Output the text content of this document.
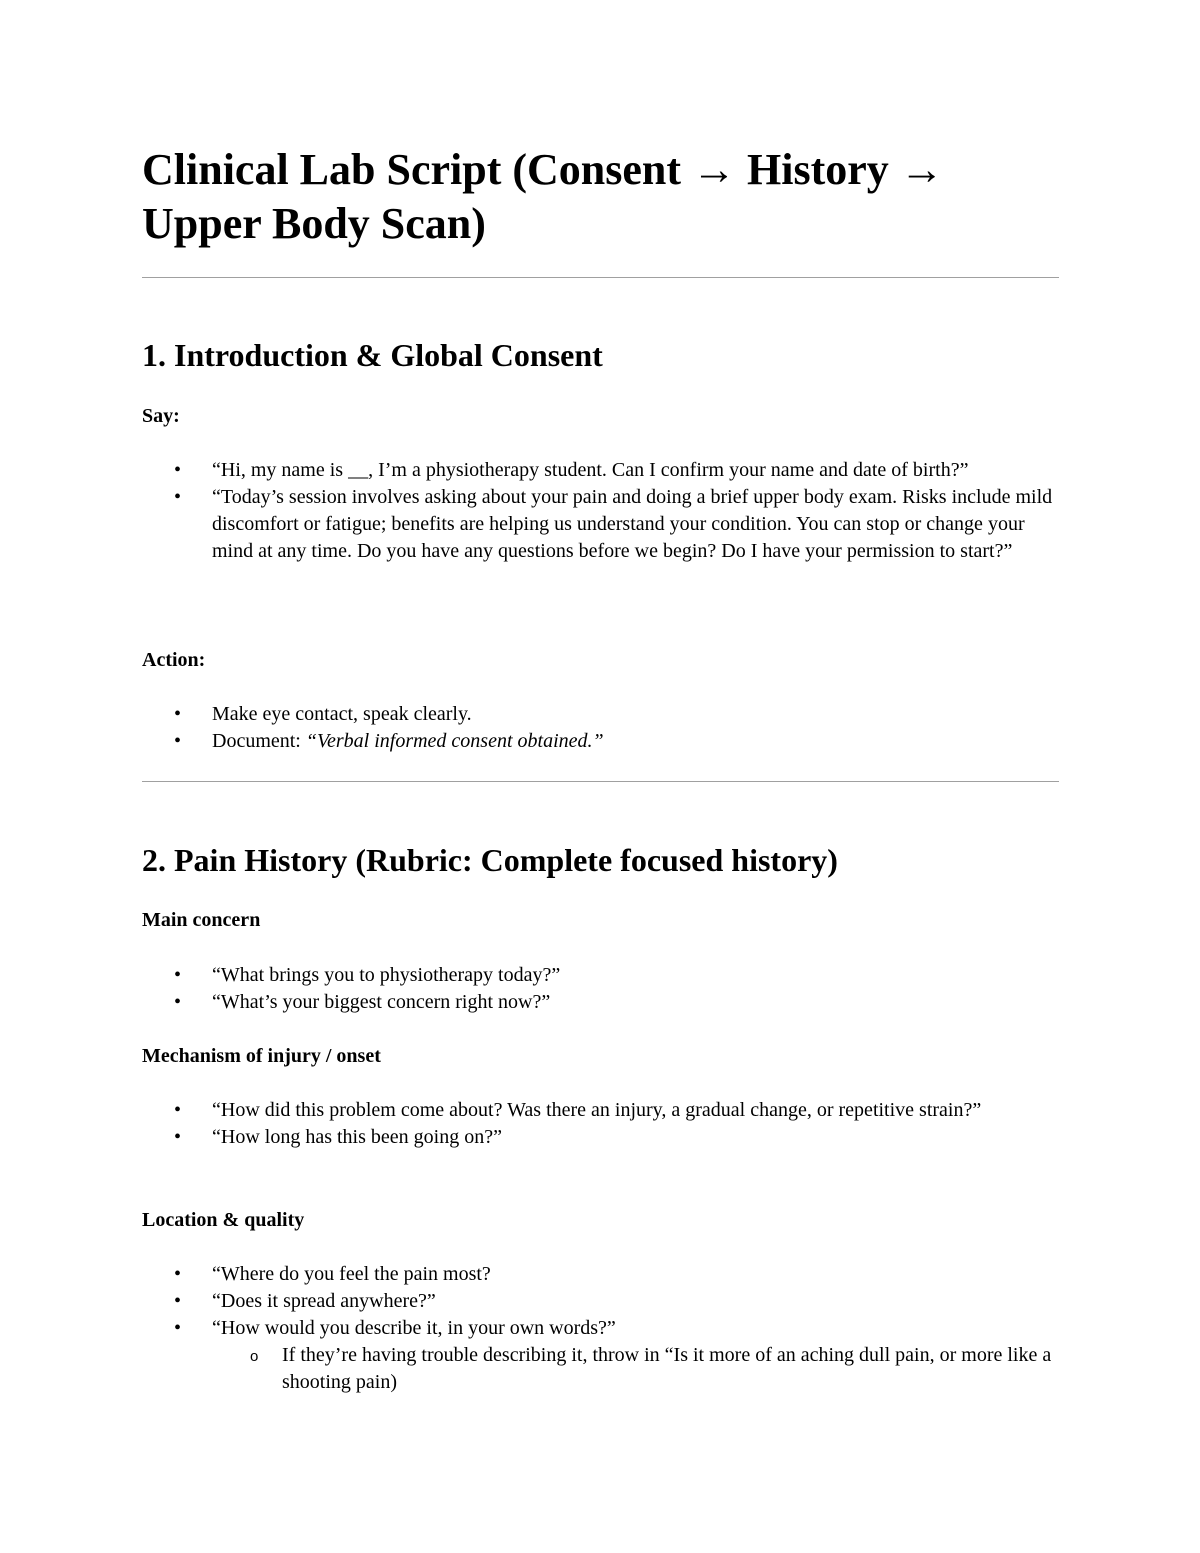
Clinical Lab Script (Consent → History → Upper Body Scan)
1. Introduction & Global Consent
Say:
• “Hi, my name is __, I’m a physiotherapy student. Can I confirm your name and date of birth?”
• “Today’s session involves asking about your pain and doing a brief upper body exam. Risks include mild discomfort or fatigue; benefits are helping us understand your condition. You can stop or change your mind at any time. Do you have any questions before we begin? Do I have your permission to start?”
Action:
• Make eye contact, speak clearly.
• Document: “Verbal informed consent obtained.”
2. Pain History (Rubric: Complete focused history)
Main concern
• “What brings you to physiotherapy today?”
• “What’s your biggest concern right now?”
Mechanism of injury / onset
• “How did this problem come about? Was there an injury, a gradual change, or repetitive strain?”
• “How long has this been going on?”
Location & quality
• “Where do you feel the pain most?
• “Does it spread anywhere?”
• “How would you describe it, in your own words?”
o If they’re having trouble describing it, throw in “Is it more of an aching dull pain, or more like a shooting pain)
